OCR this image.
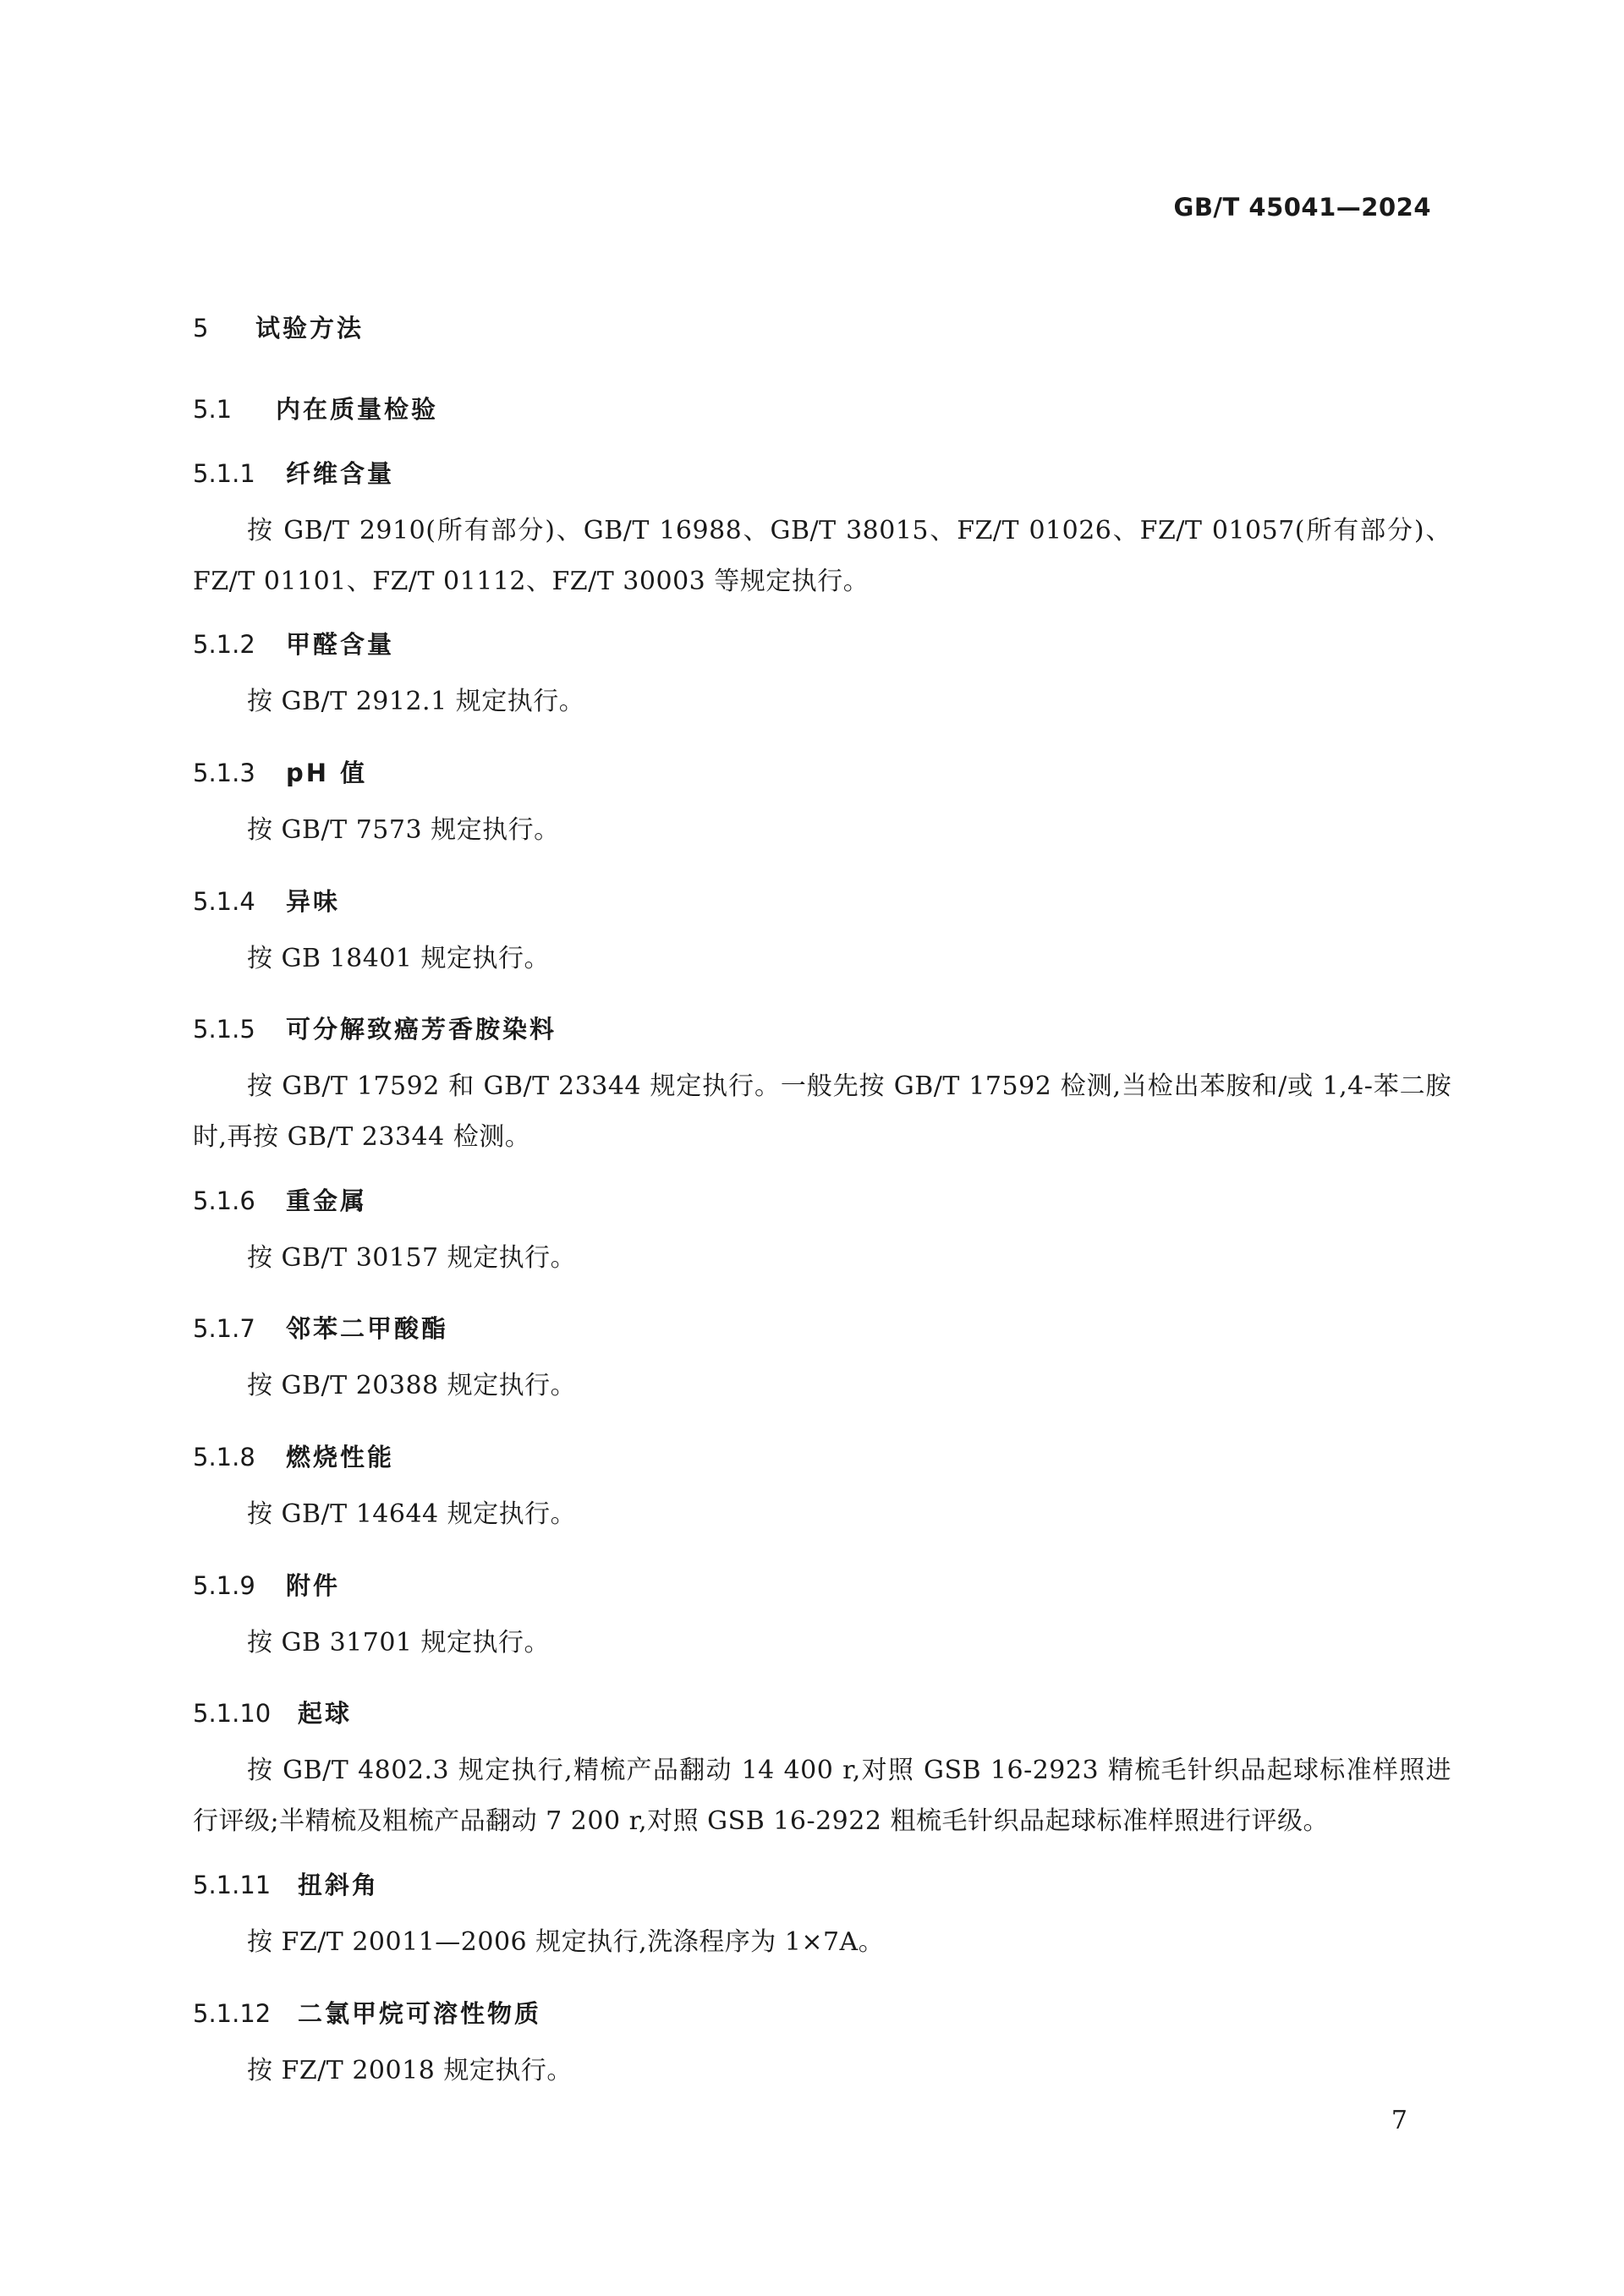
GB/T 45041—2024
5 试验方法
5.1 内在质量检验
5.1.1 纤维含量

按 GB/T 2910(所有部分)、GB/T 16988、GB/T 38015、FZ/T 01026、FZ/T 01057(所有部分)、FZ/T 01101、FZ/T 01112、FZ/T 30003 等规定执行。

5.1.2 甲醛含量

按 GB/T 2912.1 规定执行。

5.1.3 pH 值

按 GB/T 7573 规定执行。

5.1.4 异味

按 GB 18401 规定执行。

5.1.5 可分解致癌芳香胺染料

按 GB/T 17592 和 GB/T 23344 规定执行。一般先按 GB/T 17592 检测,当检出苯胺和/或 1,4-苯二胺时,再按 GB/T 23344 检测。

5.1.6 重金属

按 GB/T 30157 规定执行。

5.1.7 邻苯二甲酸酯

按 GB/T 20388 规定执行。

5.1.8 燃烧性能

按 GB/T 14644 规定执行。

5.1.9 附件

按 GB 31701 规定执行。

5.1.10 起球

按 GB/T 4802.3 规定执行,精梳产品翻动 14 400 r,对照 GSB 16-2923 精梳毛针织品起球标准样照进行评级;半精梳及粗梳产品翻动 7 200 r,对照 GSB 16-2922 粗梳毛针织品起球标准样照进行评级。

5.1.11 扭斜角

按 FZ/T 20011—2006 规定执行,洗涤程序为 1×7A。

5.1.12 二氯甲烷可溶性物质

按 FZ/T 20018 规定执行。

7
